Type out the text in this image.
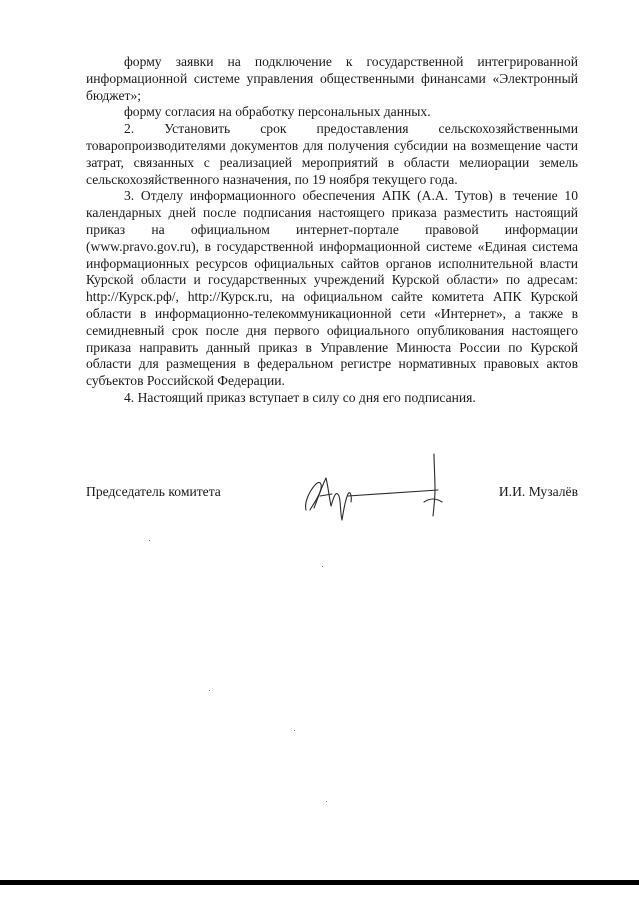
форму заявки на подключение к государственной интегрированной информационной системе управления общественными финансами «Электронный бюджет»;

форму согласия на обработку персональных данных.

2. Установить срок предоставления сельскохозяйственными товаропроизводителями документов для получения субсидии на возмещение части затрат, связанных с реализацией мероприятий в области мелиорации земель сельскохозяйственного назначения, по 19 ноября текущего года.

3. Отделу информационного обеспечения АПК (А.А. Тутов) в течение 10 календарных дней после подписания настоящего приказа разместить настоящий приказ на официальном интернет-портале правовой информации (www.pravo.gov.ru), в государственной информационной системе «Единая система информационных ресурсов официальных сайтов органов исполнительной власти Курской области и государственных учреждений Курской области» по адресам: http://Курск.рф/, http://Курск.ru, на официальном сайте комитета АПК Курской области в информационно-телекоммуникационной сети «Интернет», а также в семидневный срок после дня первого официального опубликования настоящего приказа направить данный приказ в Управление Минюста России по Курской области для размещения в федеральном регистре нормативных правовых актов субъектов Российской Федерации.

4. Настоящий приказ вступает в силу со дня его подписания.

Председатель комитета	И.И. Музалёв
